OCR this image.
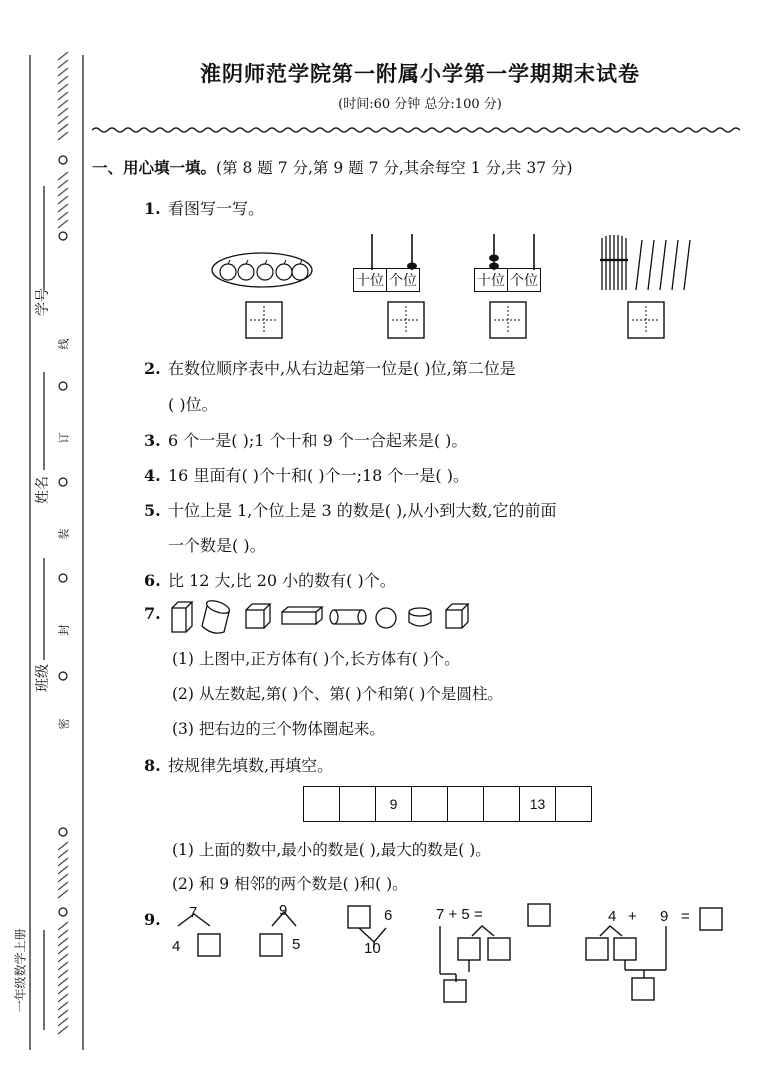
学号
姓名
班级
一年级数学上册
线
订
装
封
密
淮阴师范学院第一附属小学第一学期期末试卷
(时间:60 分钟 总分:100 分)
一、用心填一填。(第 8 题 7 分,第 9 题 7 分,其余每空 1 分,共 37 分)
1. 看图写一写。
十位 个位	十位 个位
2. 在数位顺序表中,从右边起第一位是( )位,第二位是
( )位。
3. 6 个一是( );1 个十和 9 个一合起来是( )。
4. 16 里面有( )个十和( )个一;18 个一是( )。
5. 十位上是 1,个位上是 3 的数是( ),从小到大数,它的前面
一个数是( )。
6. 比 12 大,比 20 小的数有( )个。
7.
(1) 上图中,正方体有( )个,长方体有( )个。
(2) 从左数起,第( )个、第( )个和第( )个是圆柱。
(3) 把右边的三个物体圈起来。
8. 按规律先填数,再填空。
9	13
(1) 上面的数中,最小的数是( ),最大的数是( )。
(2) 和 9 相邻的两个数是( )和( )。
9.	7
4
9
5
6
10
7 + 5 =	4 + 9 =
